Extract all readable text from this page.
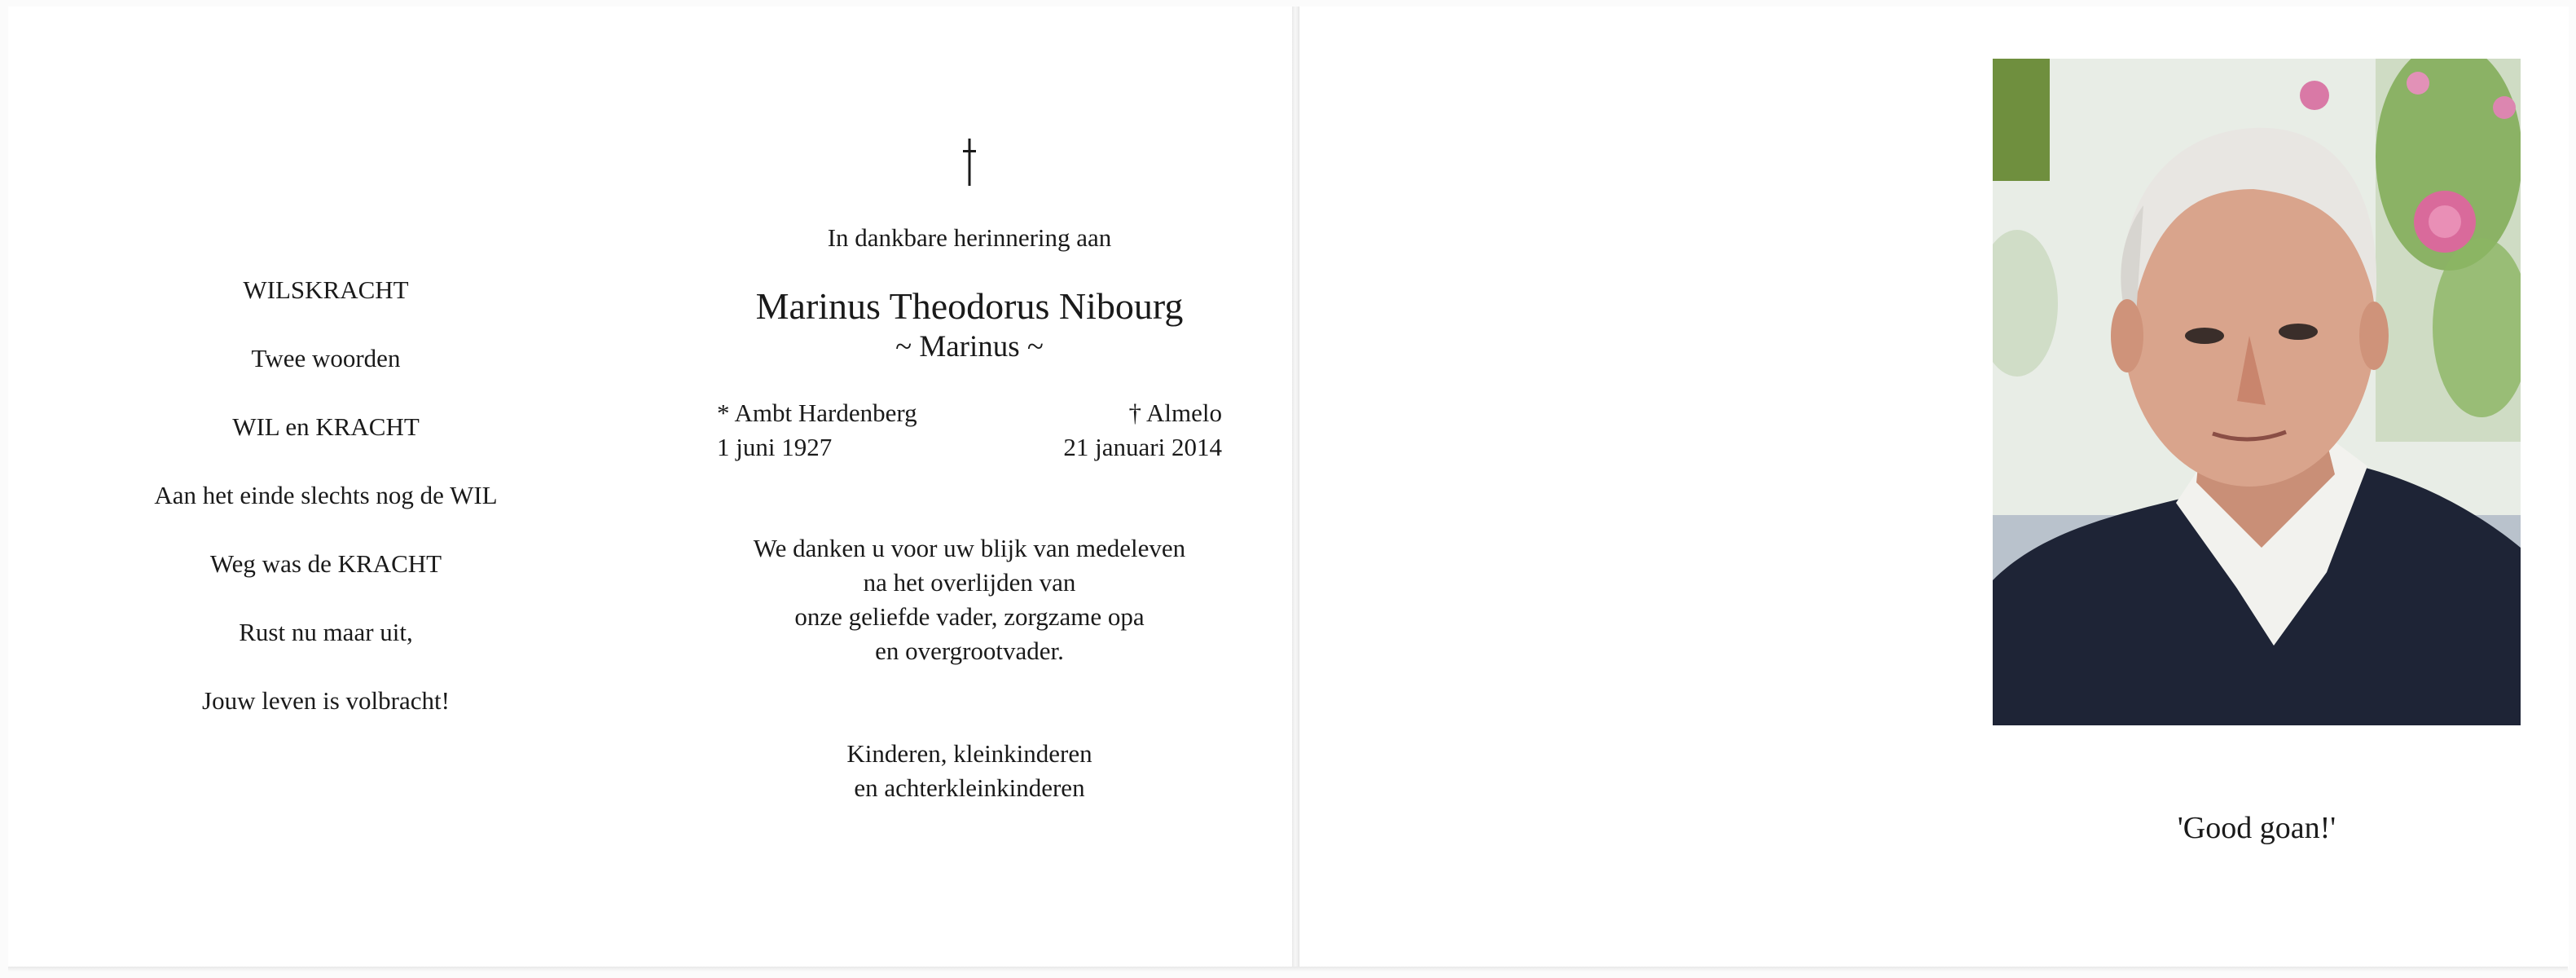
WILSKRACHT
Twee woorden
WIL en KRACHT
Aan het einde slechts nog de WIL
Weg was de KRACHT
Rust nu maar uit,
Jouw leven is volbracht!
In dankbare herinnering aan
Marinus Theodorus Nibourg
~ Marinus ~
* Ambt Hardenberg
1 juni 1927
† Almelo
21 januari 2014
We danken u voor uw blijk van medeleven
na het overlijden van
onze geliefde vader, zorgzame opa
en overgrootvader.
Kinderen, kleinkinderen
en achterkleinkinderen
'Good goan!'
